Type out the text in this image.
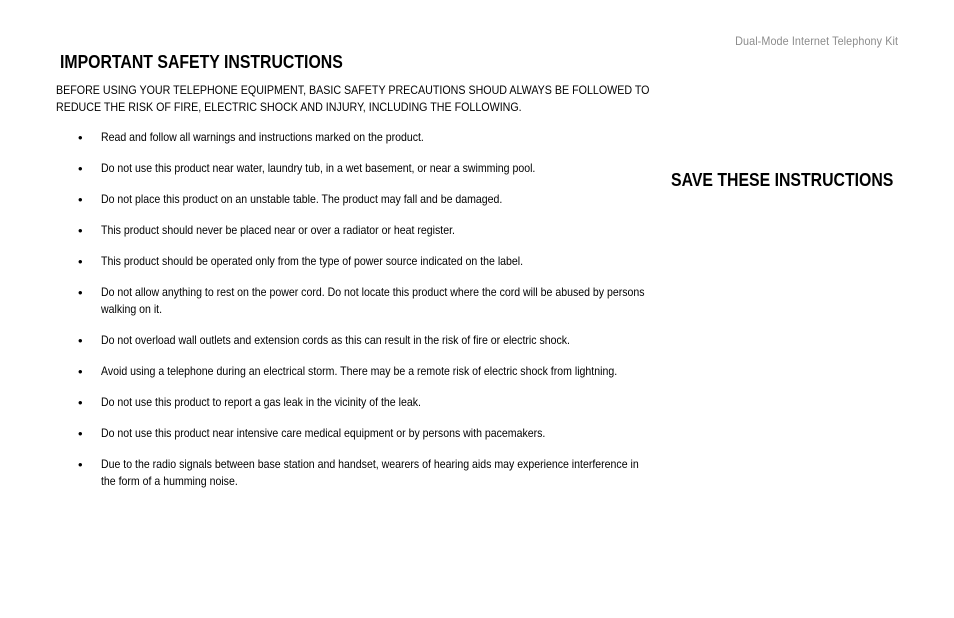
Dual-Mode Internet Telephony Kit
IMPORTANT SAFETY INSTRUCTIONS

BEFORE USING YOUR TELEPHONE EQUIPMENT, BASIC SAFETY PRECAUTIONS SHOUD ALWAYS BE FOLLOWED TO REDUCE THE RISK OF FIRE, ELECTRIC SHOCK AND INJURY, INCLUDING THE FOLLOWING.

• Read and follow all warnings and instructions marked on the product.
• Do not use this product near water, laundry tub, in a wet basement, or near a swimming pool.
• Do not place this product on an unstable table. The product may fall and be damaged.
• This product should never be placed near or over a radiator or heat register.
• This product should be operated only from the type of power source indicated on the label.
• Do not allow anything to rest on the power cord. Do not locate this product where the cord will be abused by persons walking on it.
• Do not overload wall outlets and extension cords as this can result in the risk of fire or electric shock.
• Avoid using a telephone during an electrical storm. There may be a remote risk of electric shock from lightning.
• Do not use this product to report a gas leak in the vicinity of the leak.
• Do not use this product near intensive care medical equipment or by persons with pacemakers.
• Due to the radio signals between base station and handset, wearers of hearing aids may experience interference in the form of a humming noise.
SAVE THESE INSTRUCTIONS
